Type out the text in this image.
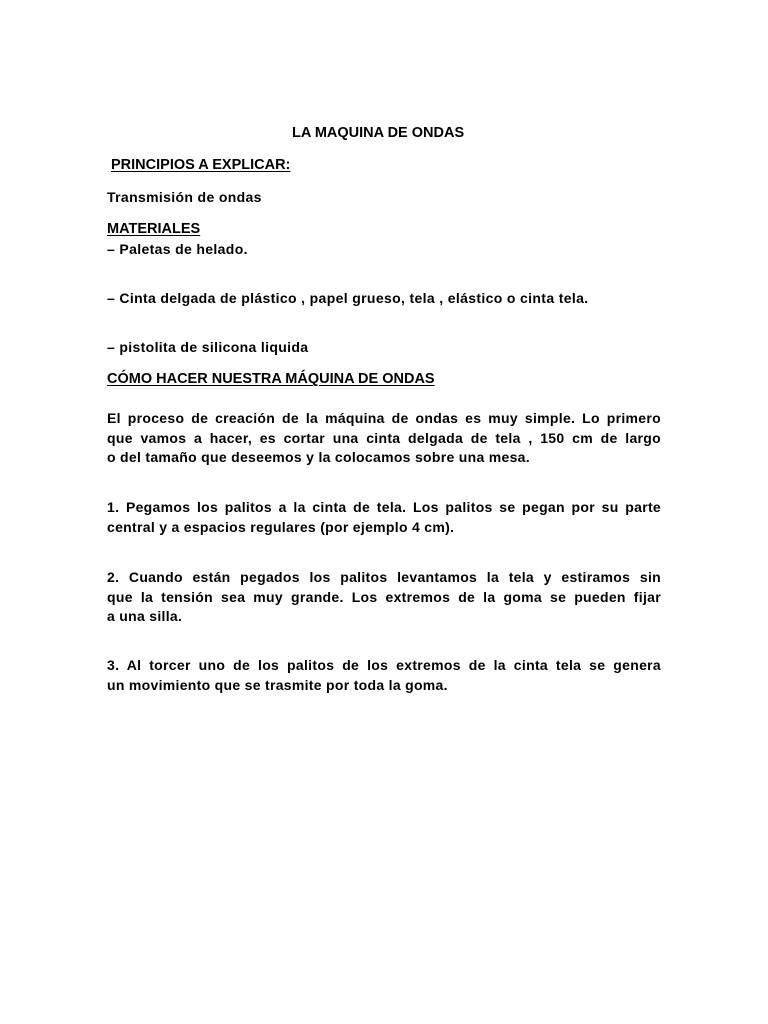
LA MAQUINA DE ONDAS
PRINCIPIOS A EXPLICAR:
Transmisión de ondas
MATERIALES
– Paletas de helado.
– Cinta delgada de plástico , papel grueso, tela , elástico o cinta tela.
– pistolita de silicona liquida
CÓMO HACER NUESTRA MÁQUINA DE ONDAS
El proceso de creación de la máquina de ondas es muy simple. Lo primero
que vamos a hacer, es cortar una cinta delgada de tela , 150 cm de largo
o del tamaño que deseemos y la colocamos sobre una mesa.
1. Pegamos los palitos a la cinta de tela. Los palitos se pegan por su parte
central y a espacios regulares (por ejemplo 4 cm).
2. Cuando están pegados los palitos levantamos la tela y estiramos sin
que la tensión sea muy grande. Los extremos de la goma se pueden fijar
a una silla.
3. Al torcer uno de los palitos de los extremos de la cinta tela se genera
un movimiento que se trasmite por toda la goma.
